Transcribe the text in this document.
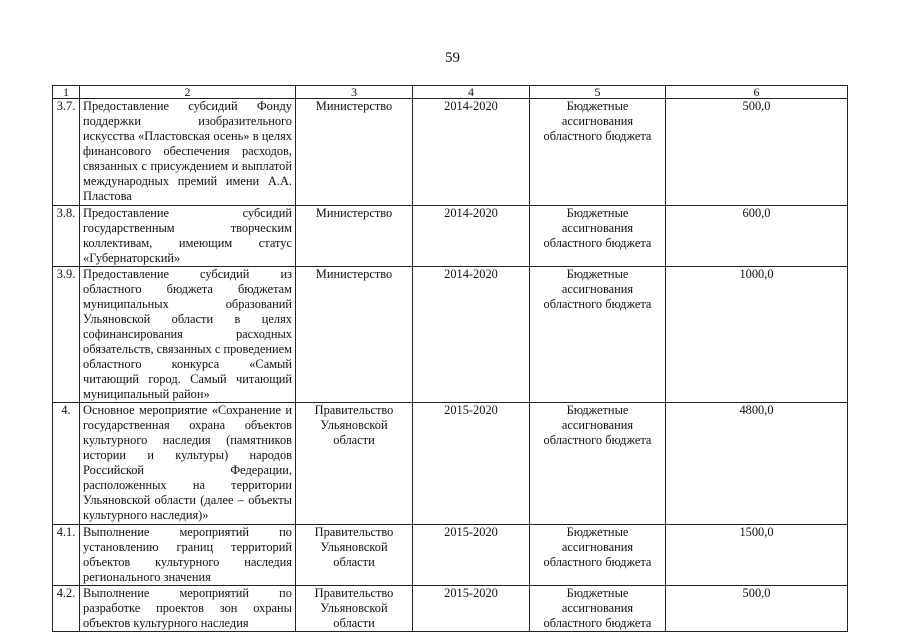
59
1	2	3	4	5	6
3.7.	Предоставление субсидий Фонду поддержки изобразительного искусства «Пластовская осень» в целях финансового обеспечения расходов, связанных с присуждением и выплатой международных премий имени А.А. Пластова	Министерство	2014-2020	Бюджетные ассигнования областного бюджета	500,0
3.8.	Предоставление субсидий государственным творческим коллективам, имеющим статус «Губернаторский»	Министерство	2014-2020	Бюджетные ассигнования областного бюджета	600,0
3.9.	Предоставление субсидий из областного бюджета бюджетам муниципальных образований Ульяновской области в целях софинансирования расходных обязательств, связанных с проведением областного конкурса «Самый читающий город. Самый читающий муниципальный район»	Министерство	2014-2020	Бюджетные ассигнования областного бюджета	1000,0
4.	Основное мероприятие «Сохранение и государственная охрана объектов культурного наследия (памятников истории и культуры) народов Российской Федерации, расположенных на территории Ульяновской области (далее – объекты культурного наследия)»	Правительство Ульяновской области	2015-2020	Бюджетные ассигнования областного бюджета	4800,0
4.1.	Выполнение мероприятий по установлению границ территорий объектов культурного наследия регионального значения	Правительство Ульяновской области	2015-2020	Бюджетные ассигнования областного бюджета	1500,0
4.2.	Выполнение мероприятий по разработке проектов зон охраны объектов культурного наследия	Правительство Ульяновской области	2015-2020	Бюджетные ассигнования областного бюджета	500,0
